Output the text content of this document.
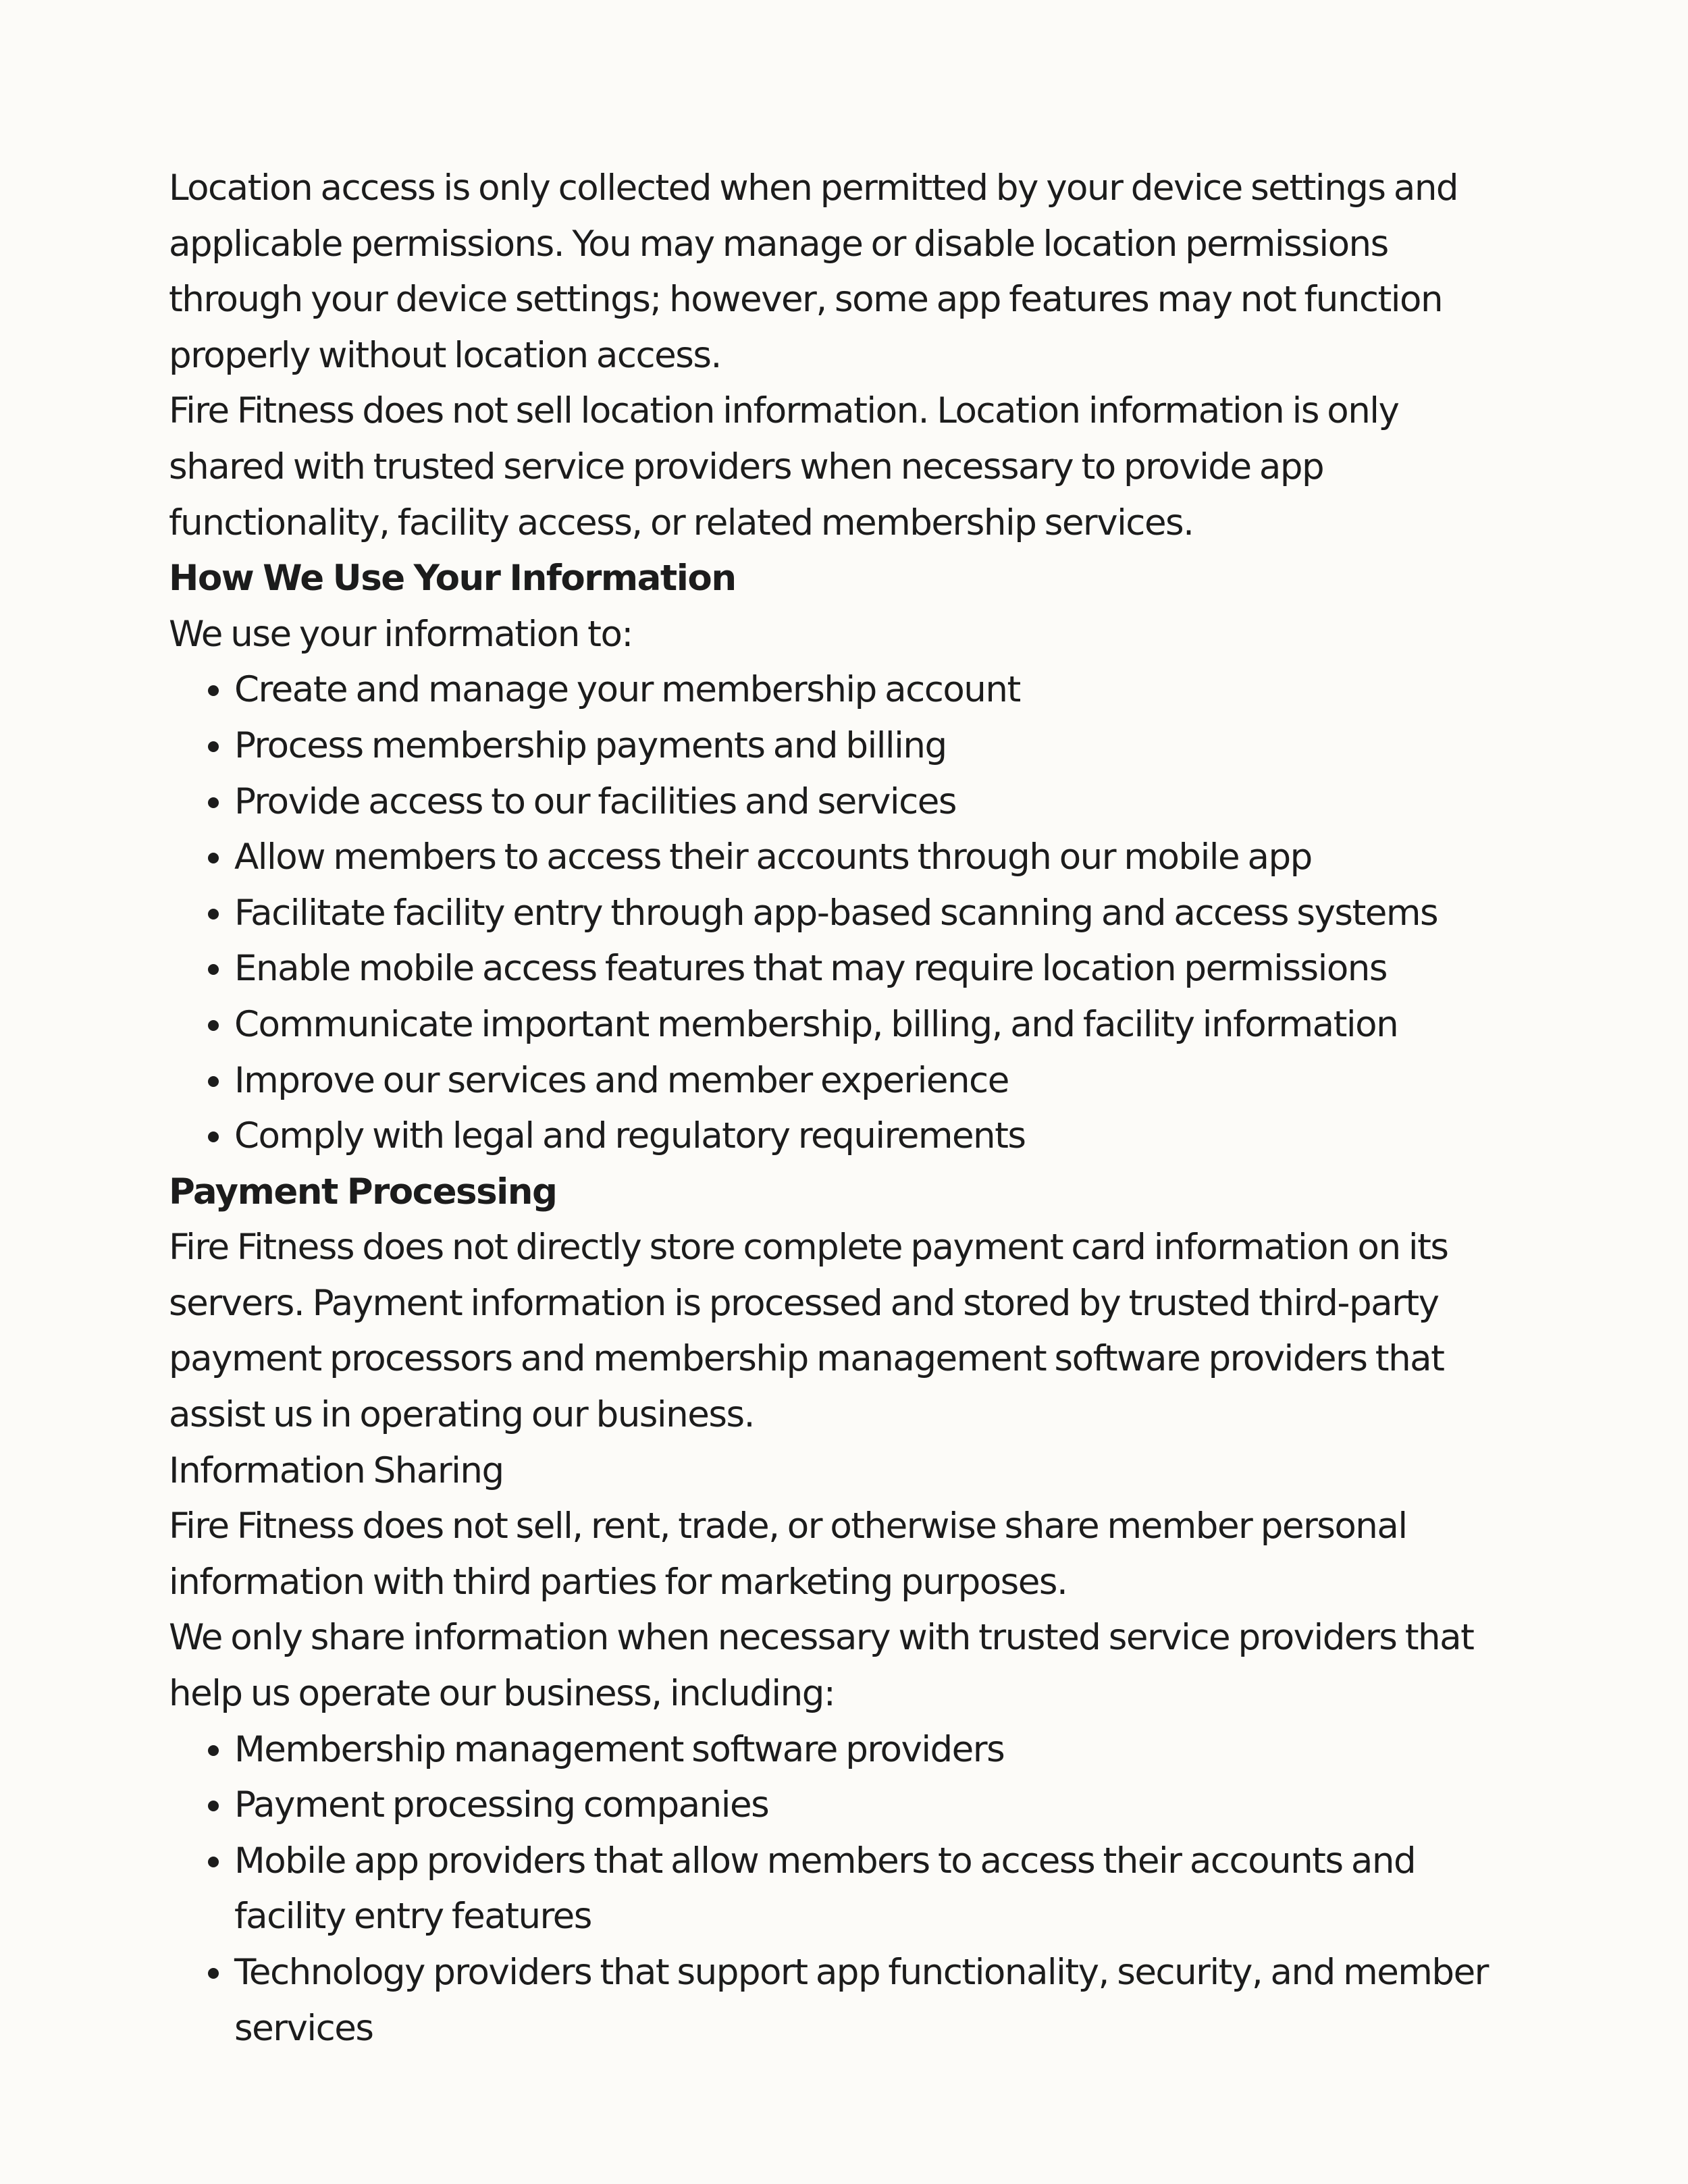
Location access is only collected when permitted by your device settings and applicable permissions. You may manage or disable location permissions through your device settings; however, some app features may not function properly without location access.

Fire Fitness does not sell location information. Location information is only shared with trusted service providers when necessary to provide app functionality, facility access, or related membership services.

How We Use Your Information

We use your information to:

• Create and manage your membership account
• Process membership payments and billing
• Provide access to our facilities and services
• Allow members to access their accounts through our mobile app
• Facilitate facility entry through app-based scanning and access systems
• Enable mobile access features that may require location permissions
• Communicate important membership, billing, and facility information
• Improve our services and member experience
• Comply with legal and regulatory requirements
Payment Processing

Fire Fitness does not directly store complete payment card information on its servers. Payment information is processed and stored by trusted third-party payment processors and membership management software providers that assist us in operating our business.

Information Sharing

Fire Fitness does not sell, rent, trade, or otherwise share member personal information with third parties for marketing purposes.

We only share information when necessary with trusted service providers that help us operate our business, including:

• Membership management software providers
• Payment processing companies
• Mobile app providers that allow members to access their accounts and facility entry features
• Technology providers that support app functionality, security, and member services
